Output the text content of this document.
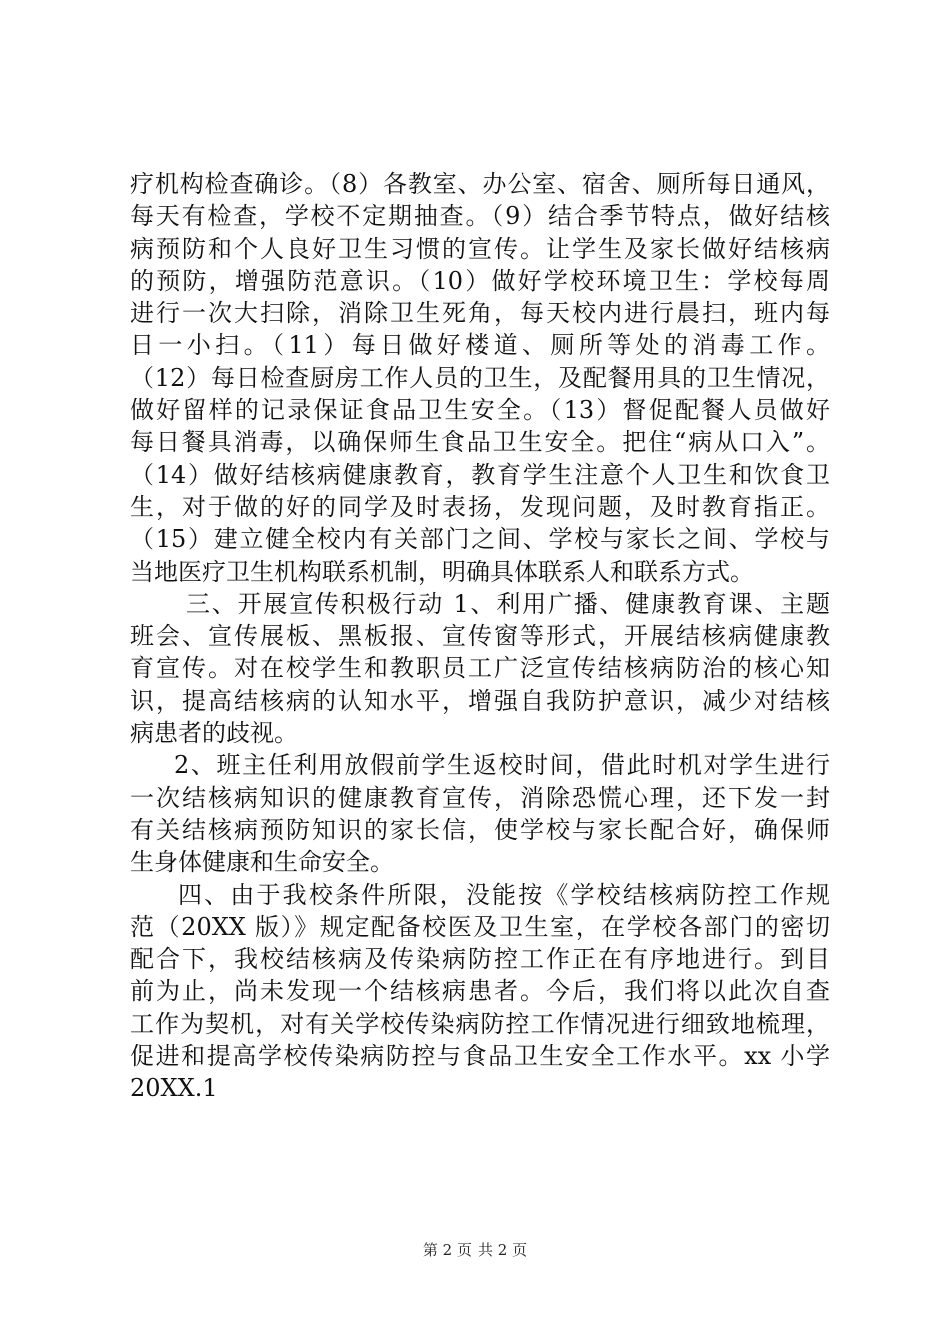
疗机构检查确诊。（8）各教室、办公室、宿舍、厕所每日通风，
每天有检查，学校不定期抽查。（9）结合季节特点，做好结核
病预防和个人良好卫生习惯的宣传。让学生及家长做好结核病
的预防，增强防范意识。（10）做好学校环境卫生：学校每周
进行一次大扫除，消除卫生死角，每天校内进行晨扫，班内每
日一小扫。（11）每日做好楼道、厕所等处的消毒工作。
（12）每日检查厨房工作人员的卫生，及配餐用具的卫生情况，
做好留样的记录保证食品卫生安全。（13）督促配餐人员做好
每日餐具消毒，以确保师生食品卫生安全。把住“病从口入”。
（14）做好结核病健康教育，教育学生注意个人卫生和饮食卫
生，对于做的好的同学及时表扬，发现问题，及时教育指正。
（15）建立健全校内有关部门之间、学校与家长之间、学校与
当地医疗卫生机构联系机制，明确具体联系人和联系方式。
三、开展宣传积极行动 1、利用广播、健康教育课、主题
班会、宣传展板、黑板报、宣传窗等形式，开展结核病健康教
育宣传。对在校学生和教职员工广泛宣传结核病防治的核心知
识，提高结核病的认知水平，增强自我防护意识，减少对结核
病患者的歧视。
2、班主任利用放假前学生返校时间，借此时机对学生进行
一次结核病知识的健康教育宣传，消除恐慌心理，还下发一封
有关结核病预防知识的家长信，使学校与家长配合好，确保师
生身体健康和生命安全。
四、由于我校条件所限，没能按《学校结核病防控工作规
范（20XX 版）》规定配备校医及卫生室，在学校各部门的密切
配合下，我校结核病及传染病防控工作正在有序地进行。到目
前为止，尚未发现一个结核病患者。今后，我们将以此次自查
工作为契机，对有关学校传染病防控工作情况进行细致地梳理，
促进和提高学校传染病防控与食品卫生安全工作水平。xx 小学
20XX.1
第 2 页 共 2 页
